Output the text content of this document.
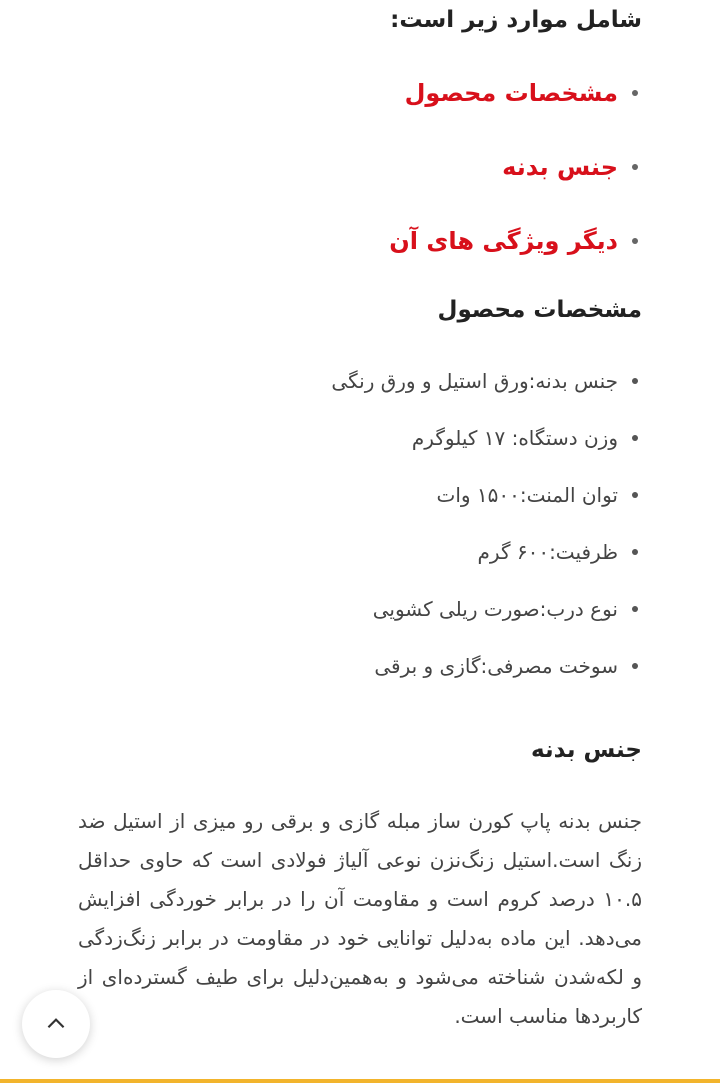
شامل موارد زیر است:

مشخصات محصول
جنس بدنه
دیگر ویژگی های آن
مشخصات محصول
جنس بدنه:ورق استیل و ورق رنگی
وزن دستگاه: ۱۷ کیلوگرم
توان المنت:۱۵۰۰ وات
ظرفیت:۶۰۰ گرم
نوع درب:صورت ریلی کشویی
سوخت مصرفی:گازی و برقی
جنس بدنه

جنس بدنه پاپ کورن ساز مبله گازی و برقی رو میزی از استیل ضد زنگ است.استیل زنگ‌نزن نوعی آلیاژ فولادی است که حاوی حداقل ۱۰.۵ درصد کروم است و مقاومت آن را در برابر خوردگی افزایش می‌دهد. این ماده به‌دلیل توانایی خود در مقاومت در برابر زنگ‌زدگی و لکه‌شدن شناخته می‌شود و به‌همین‌دلیل برای طیف گسترده‌ای از کاربردها مناسب است.
